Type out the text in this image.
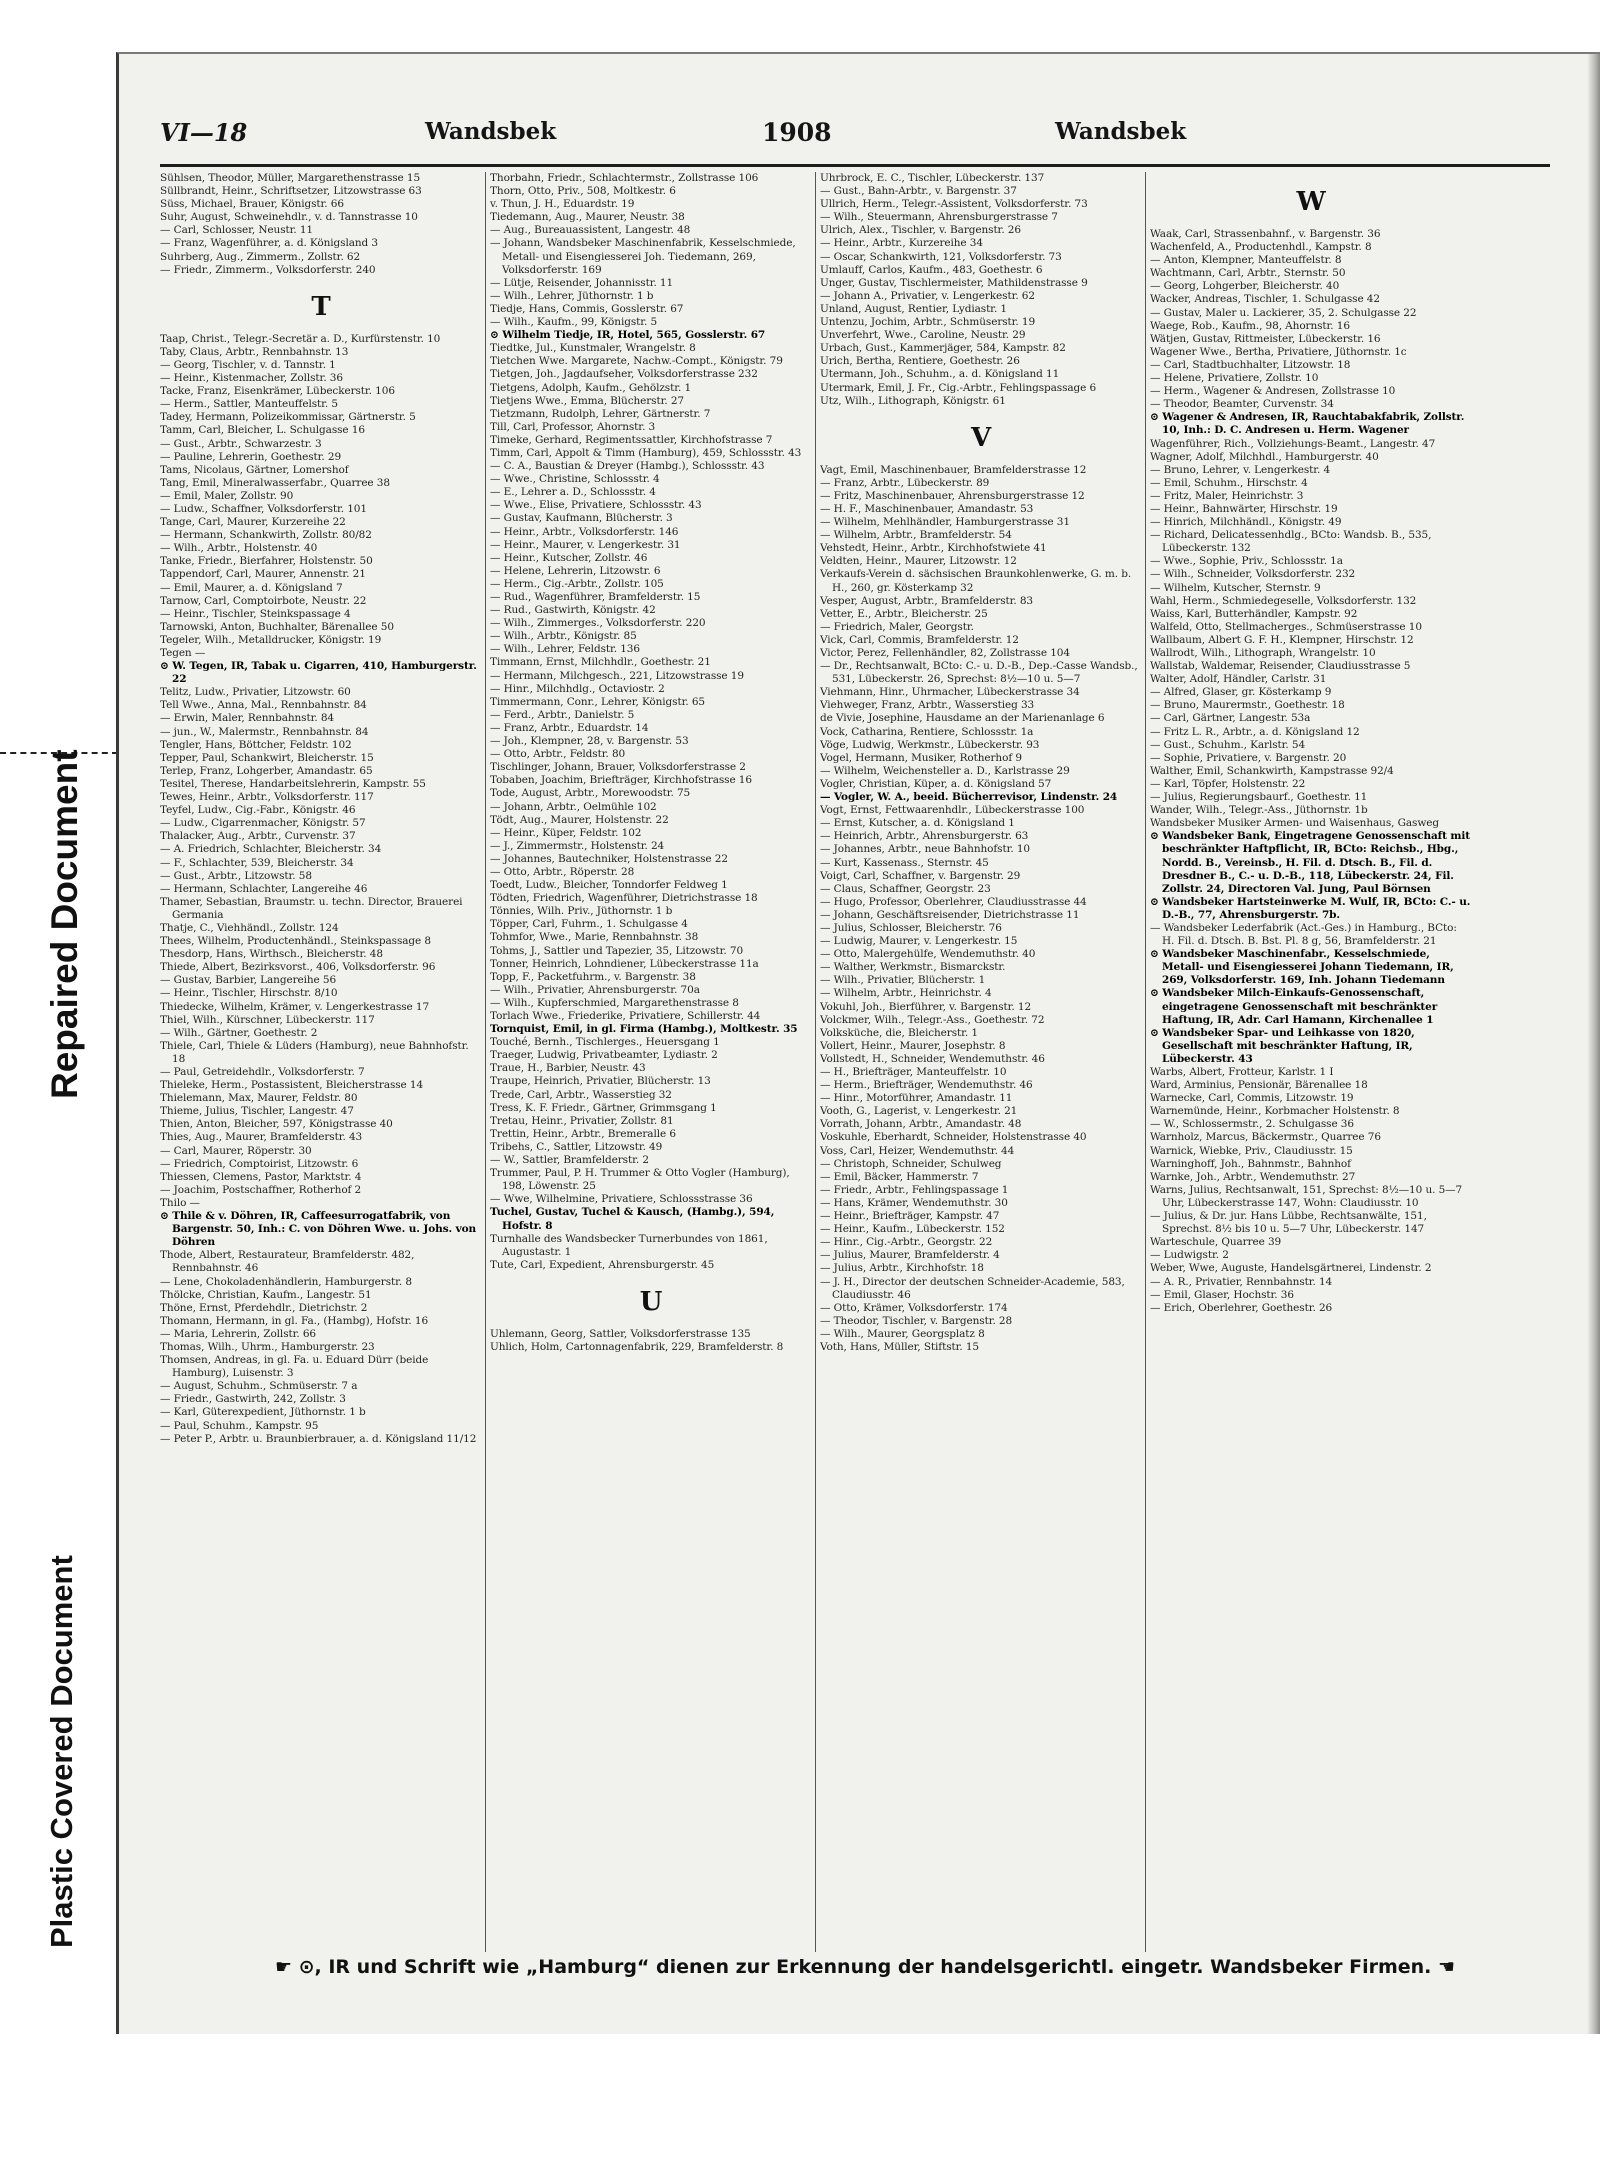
Repaired Document
Plastic Covered Document
VI—18	Wandsbek	1908	Wandsbek
Sühlsen, Theodor, Müller, Margarethenstrasse 15
Süllbrandt, Heinr., Schriftsetzer, Litzowstrasse 63
Süss, Michael, Brauer, Königstr. 66
Suhr, August, Schweinehdlr., v. d. Tannstrasse 10
— Carl, Schlosser, Neustr. 11
— Franz, Wagenführer, a. d. Königsland 3
Suhrberg, Aug., Zimmerm., Zollstr. 62
— Friedr., Zimmerm., Volksdorferstr. 240
T
Taap, Christ., Telegr.-Secretär a. D., Kurfürstenstr. 10
Taby, Claus, Arbtr., Rennbahnstr. 13
— Georg, Tischler, v. d. Tannstr. 1
— Heinr., Kistenmacher, Zollstr. 36
Tacke, Franz, Eisenkrämer, Lübeckerstr. 106
— Herm., Sattler, Manteuffelstr. 5
Tadey, Hermann, Polizeikommissar, Gärtnerstr. 5
Tamm, Carl, Bleicher, L. Schulgasse 16
— Gust., Arbtr., Schwarzestr. 3
— Pauline, Lehrerin, Goethestr. 29
Tams, Nicolaus, Gärtner, Lomershof
Tang, Emil, Mineralwasserfabr., Quarree 38
— Emil, Maler, Zollstr. 90
— Ludw., Schaffner, Volksdorferstr. 101
Tange, Carl, Maurer, Kurzereihe 22
— Hermann, Schankwirth, Zollstr. 80/82
— Wilh., Arbtr., Holstenstr. 40
Tanke, Friedr., Bierfahrer, Holstenstr. 50
Tappendorf, Carl, Maurer, Annenstr. 21
— Emil, Maurer, a. d. Königsland 7
Tarnow, Carl, Comptoirbote, Neustr. 22
— Heinr., Tischler, Steinkspassage 4
Tarnowski, Anton, Buchhalter, Bärenallee 50
Tegeler, Wilh., Metalldrucker, Königstr. 19
Tegen —
⊙ W. Tegen, IR, Tabak u. Cigarren, 410, Hamburgerstr. 22
Telitz, Ludw., Privatier, Litzowstr. 60
Tell Wwe., Anna, Mal., Rennbahnstr. 84
— Erwin, Maler, Rennbahnstr. 84
— jun., W., Malermstr., Rennbahnstr. 84
Tengler, Hans, Böttcher, Feldstr. 102
Tepper, Paul, Schankwirt, Bleicherstr. 15
Terlep, Franz, Lohgerber, Amandastr. 65
Tesitel, Therese, Handarbeitslehrerin, Kampstr. 55
Tewes, Heinr., Arbtr., Volksdorferstr. 117
Teyfel, Ludw., Cig.-Fabr., Königstr. 46
— Ludw., Cigarrenmacher, Königstr. 57
Thalacker, Aug., Arbtr., Curvenstr. 37
— A. Friedrich, Schlachter, Bleicherstr. 34
— F., Schlachter, 539, Bleicherstr. 34
— Gust., Arbtr., Litzowstr. 58
— Hermann, Schlachter, Langereihe 46
Thamer, Sebastian, Braumstr. u. techn. Director, Brauerei Germania
Thatje, C., Viehhändl., Zollstr. 124
Thees, Wilhelm, Productenhändl., Steinkspassage 8
Thesdorp, Hans, Wirthsch., Bleicherstr. 48
Thiede, Albert, Bezirksvorst., 406, Volksdorferstr. 96
— Gustav, Barbier, Langereihe 56
— Heinr., Tischler, Hirschstr. 8/10
Thiedecke, Wilhelm, Krämer, v. Lengerkestrasse 17
Thiel, Wilh., Kürschner, Lübeckerstr. 117
— Wilh., Gärtner, Goethestr. 2
Thiele, Carl, Thiele & Lüders (Hamburg), neue Bahnhofstr. 18
— Paul, Getreidehdlr., Volksdorferstr. 7
Thieleke, Herm., Postassistent, Bleicherstrasse 14
Thielemann, Max, Maurer, Feldstr. 80
Thieme, Julius, Tischler, Langestr. 47
Thien, Anton, Bleicher, 597, Königstrasse 40
Thies, Aug., Maurer, Bramfelderstr. 43
— Carl, Maurer, Röperstr. 30
— Friedrich, Comptoirist, Litzowstr. 6
Thiessen, Clemens, Pastor, Marktstr. 4
— Joachim, Postschaffner, Rotherhof 2
Thilo —
⊙ Thile & v. Döhren, IR, Caffeesurrogatfabrik, von Bargenstr. 50, Inh.: C. von Döhren Wwe. u. Johs. von Döhren
Thode, Albert, Restaurateur, Bramfelderstr. 482, Rennbahnstr. 46
— Lene, Chokoladenhändlerin, Hamburgerstr. 8
Thölcke, Christian, Kaufm., Langestr. 51
Thöne, Ernst, Pferdehdlr., Dietrichstr. 2
Thomann, Hermann, in gl. Fa., (Hambg), Hofstr. 16
— Maria, Lehrerin, Zollstr. 66
Thomas, Wilh., Uhrm., Hamburgerstr. 23
Thomsen, Andreas, in gl. Fa. u. Eduard Dürr (beide Hamburg), Luisenstr. 3
— August, Schuhm., Schmüserstr. 7 a
— Friedr., Gastwirth, 242, Zollstr. 3
— Karl, Güterexpedient, Jüthornstr. 1 b
— Paul, Schuhm., Kampstr. 95
— Peter P., Arbtr. u. Braunbierbrauer, a. d. Königsland 11/12
Thorbahn, Friedr., Schlachtermstr., Zollstrasse 106
Thorn, Otto, Priv., 508, Moltkestr. 6
v. Thun, J. H., Eduardstr. 19
Tiedemann, Aug., Maurer, Neustr. 38
— Aug., Bureauassistent, Langestr. 48
— Johann, Wandsbeker Maschinenfabrik, Kesselschmiede, Metall- und Eisengiesserei Joh. Tiedemann, 269, Volksdorferstr. 169
— Lütje, Reisender, Johannisstr. 11
— Wilh., Lehrer, Jüthornstr. 1 b
Tiedje, Hans, Commis, Gosslerstr. 67
— Wilh., Kaufm., 99, Königstr. 5
⊙ Wilhelm Tiedje, IR, Hotel, 565, Gosslerstr. 67
Tiedtke, Jul., Kunstmaler, Wrangelstr. 8
Tietchen Wwe. Margarete, Nachw.-Compt., Königstr. 79
Tietgen, Joh., Jagdaufseher, Volksdorferstrasse 232
Tietgens, Adolph, Kaufm., Gehölzstr. 1
Tietjens Wwe., Emma, Blücherstr. 27
Tietzmann, Rudolph, Lehrer, Gärtnerstr. 7
Till, Carl, Professor, Ahornstr. 3
Timeke, Gerhard, Regimentssattler, Kirchhofstrasse 7
Timm, Carl, Appolt & Timm (Hamburg), 459, Schlossstr. 43
— C. A., Baustian & Dreyer (Hambg.), Schlossstr. 43
— Wwe., Christine, Schlossstr. 4
— E., Lehrer a. D., Schlossstr. 4
— Wwe., Elise, Privatiere, Schlossstr. 43
— Gustav, Kaufmann, Blücherstr. 3
— Heinr., Arbtr., Volksdorferstr. 146
— Heinr., Maurer, v. Lengerkestr. 31
— Heinr., Kutscher, Zollstr. 46
— Helene, Lehrerin, Litzowstr. 6
— Herm., Cig.-Arbtr., Zollstr. 105
— Rud., Wagenführer, Bramfelderstr. 15
— Rud., Gastwirth, Königstr. 42
— Wilh., Zimmerges., Volksdorferstr. 220
— Wilh., Arbtr., Königstr. 85
— Wilh., Lehrer, Feldstr. 136
Timmann, Ernst, Milchhdlr., Goethestr. 21
— Hermann, Milchgesch., 221, Litzowstrasse 19
— Hinr., Milchhdlg., Octaviostr. 2
Timmermann, Conr., Lehrer, Königstr. 65
— Ferd., Arbtr., Danielstr. 5
— Franz, Arbtr., Eduardstr. 14
— Joh., Klempner, 28, v. Bargenstr. 53
— Otto, Arbtr., Feldstr. 80
Tischlinger, Johann, Brauer, Volksdorferstrasse 2
Tobaben, Joachim, Briefträger, Kirchhofstrasse 16
Tode, August, Arbtr., Morewoodstr. 75
— Johann, Arbtr., Oelmühle 102
Tödt, Aug., Maurer, Holstenstr. 22
— Heinr., Küper, Feldstr. 102
— J., Zimmermstr., Holstenstr. 24
— Johannes, Bautechniker, Holstenstrasse 22
— Otto, Arbtr., Röperstr. 28
Toedt, Ludw., Bleicher, Tonndorfer Feldweg 1
Tödten, Friedrich, Wagenführer, Dietrichstrasse 18
Tönnies, Wilh. Priv., Jüthornstr. 1 b
Töpper, Carl, Fuhrm., 1. Schulgasse 4
Tohmfor, Wwe., Marie, Rennbahnstr. 38
Tohms, J., Sattler und Tapezier, 35, Litzowstr. 70
Tonner, Heinrich, Lohndiener, Lübeckerstrasse 11a
Topp, F., Packetfuhrm., v. Bargenstr. 38
— Wilh., Privatier, Ahrensburgerstr. 70a
— Wilh., Kupferschmied, Margarethenstrasse 8
Torlach Wwe., Friederike, Privatiere, Schillerstr. 44
Tornquist, Emil, in gl. Firma (Hambg.), Moltkestr. 35
Touché, Bernh., Tischlerges., Heuersgang 1
Traeger, Ludwig, Privatbeamter, Lydiastr. 2
Traue, H., Barbier, Neustr. 43
Traupe, Heinrich, Privatier, Blücherstr. 13
Trede, Carl, Arbtr., Wasserstieg 32
Tress, K. F. Friedr., Gärtner, Grimmsgang 1
Tretau, Heinr., Privatier, Zollstr. 81
Trettin, Heinr., Arbtr., Bremeralle 6
Tribehs, C., Sattler, Litzowstr. 49
— W., Sattler, Bramfelderstr. 2
Trummer, Paul, P. H. Trummer & Otto Vogler (Hamburg), 198, Löwenstr. 25
— Wwe, Wilhelmine, Privatiere, Schlossstrasse 36
Tuchel, Gustav, Tuchel & Kausch, (Hambg.), 594, Hofstr. 8
Turnhalle des Wandsbecker Turnerbundes von 1861, Augustastr. 1
Tute, Carl, Expedient, Ahrensburgerstr. 45
U
Uhlemann, Georg, Sattler, Volksdorferstrasse 135
Uhlich, Holm, Cartonnagenfabrik, 229, Bramfelderstr. 8
Uhrbrock, E. C., Tischler, Lübeckerstr. 137
— Gust., Bahn-Arbtr., v. Bargenstr. 37
Ullrich, Herm., Telegr.-Assistent, Volksdorferstr. 73
— Wilh., Steuermann, Ahrensburgerstrasse 7
Ulrich, Alex., Tischler, v. Bargenstr. 26
— Heinr., Arbtr., Kurzereihe 34
— Oscar, Schankwirth, 121, Volksdorferstr. 73
Umlauff, Carlos, Kaufm., 483, Goethestr. 6
Unger, Gustav, Tischlermeister, Mathildenstrasse 9
— Johann A., Privatier, v. Lengerkestr. 62
Unland, August, Rentier, Lydiastr. 1
Untenzu, Jochim, Arbtr., Schmüserstr. 19
Unverfehrt, Wwe., Caroline, Neustr. 29
Urbach, Gust., Kammerjäger, 584, Kampstr. 82
Urich, Bertha, Rentiere, Goethestr. 26
Utermann, Joh., Schuhm., a. d. Königsland 11
Utermark, Emil, J. Fr., Cig.-Arbtr., Fehlingspassage 6
Utz, Wilh., Lithograph, Königstr. 61
V
Vagt, Emil, Maschinenbauer, Bramfelderstrasse 12
— Franz, Arbtr., Lübeckerstr. 89
— Fritz, Maschinenbauer, Ahrensburgerstrasse 12
— H. F., Maschinenbauer, Amandastr. 53
— Wilhelm, Mehlhändler, Hamburgerstrasse 31
— Wilhelm, Arbtr., Bramfelderstr. 54
Vehstedt, Heinr., Arbtr., Kirchhofstwiete 41
Veldten, Heinr., Maurer, Litzowstr. 12
Verkaufs-Verein d. sächsischen Braunkohlenwerke, G. m. b. H., 260, gr. Kösterkamp 32
Vesper, August, Arbtr., Bramfelderstr. 83
Vetter, E., Arbtr., Bleicherstr. 25
— Friedrich, Maler, Georgstr.
Vick, Carl, Commis, Bramfelderstr. 12
Victor, Perez, Fellenhändler, 82, Zollstrasse 104
— Dr., Rechtsanwalt, BCto: C.- u. D.-B., Dep.-Casse Wandsb., 531, Lübeckerstr. 26, Sprechst: 8½—10 u. 5—7
Viehmann, Hinr., Uhrmacher, Lübeckerstrasse 34
Viehweger, Franz, Arbtr., Wasserstieg 33
de Vivie, Josephine, Hausdame an der Marienanlage 6
Vock, Catharina, Rentiere, Schlossstr. 1a
Vöge, Ludwig, Werkmstr., Lübeckerstr. 93
Vogel, Hermann, Musiker, Rotherhof 9
— Wilhelm, Weichensteller a. D., Karlstrasse 29
Vogler, Christian, Küper, a. d. Königsland 57
— Vogler, W. A., beeid. Bücherrevisor, Lindenstr. 24
Vogt, Ernst, Fettwaarenhdlr., Lübeckerstrasse 100
— Ernst, Kutscher, a. d. Königsland 1
— Heinrich, Arbtr., Ahrensburgerstr. 63
— Johannes, Arbtr., neue Bahnhofstr. 10
— Kurt, Kassenass., Sternstr. 45
Voigt, Carl, Schaffner, v. Bargenstr. 29
— Claus, Schaffner, Georgstr. 23
— Hugo, Professor, Oberlehrer, Claudiusstrasse 44
— Johann, Geschäftsreisender, Dietrichstrasse 11
— Julius, Schlosser, Bleicherstr. 76
— Ludwig, Maurer, v. Lengerkestr. 15
— Otto, Malergehülfe, Wendemuthstr. 40
— Walther, Werkmstr., Bismarckstr.
— Wilh., Privatier, Blücherstr. 1
— Wilhelm, Arbtr., Heinrichstr. 4
Vokuhl, Joh., Bierführer, v. Bargenstr. 12
Volckmer, Wilh., Telegr.-Ass., Goethestr. 72
Volksküche, die, Bleicherstr. 1
Vollert, Heinr., Maurer, Josephstr. 8
Vollstedt, H., Schneider, Wendemuthstr. 46
— H., Briefträger, Manteuffelstr. 10
— Herm., Briefträger, Wendemuthstr. 46
— Hinr., Motorführer, Amandastr. 11
Vooth, G., Lagerist, v. Lengerkestr. 21
Vorrath, Johann, Arbtr., Amandastr. 48
Voskuhle, Eberhardt, Schneider, Holstenstrasse 40
Voss, Carl, Heizer, Wendemuthstr. 44
— Christoph, Schneider, Schulweg
— Emil, Bäcker, Hammerstr. 7
— Friedr., Arbtr., Fehlingspassage 1
— Hans, Krämer, Wendemuthstr. 30
— Heinr., Briefträger, Kampstr. 47
— Heinr., Kaufm., Lübeckerstr. 152
— Hinr., Cig.-Arbtr., Georgstr. 22
— Julius, Maurer, Bramfelderstr. 4
— Julius, Arbtr., Kirchhofstr. 18
— J. H., Director der deutschen Schneider-Academie, 583, Claudiusstr. 46
— Otto, Krämer, Volksdorferstr. 174
— Theodor, Tischler, v. Bargenstr. 28
— Wilh., Maurer, Georgsplatz 8
Voth, Hans, Müller, Stiftstr. 15
W
Waak, Carl, Strassenbahnf., v. Bargenstr. 36
Wachenfeld, A., Productenhdl., Kampstr. 8
— Anton, Klempner, Manteuffelstr. 8
Wachtmann, Carl, Arbtr., Sternstr. 50
— Georg, Lohgerber, Bleicherstr. 40
Wacker, Andreas, Tischler, 1. Schulgasse 42
— Gustav, Maler u. Lackierer, 35, 2. Schulgasse 22
Waege, Rob., Kaufm., 98, Ahornstr. 16
Wätjen, Gustav, Rittmeister, Lübeckerstr. 16
Wagener Wwe., Bertha, Privatiere, Jüthornstr. 1c
— Carl, Stadtbuchhalter, Litzowstr. 18
— Helene, Privatiere, Zollstr. 10
— Herm., Wagener & Andresen, Zollstrasse 10
— Theodor, Beamter, Curvenstr. 34
⊙ Wagener & Andresen, IR, Rauchtabakfabrik, Zollstr. 10, Inh.: D. C. Andresen u. Herm. Wagener
Wagenführer, Rich., Vollziehungs-Beamt., Langestr. 47
Wagner, Adolf, Milchhdl., Hamburgerstr. 40
— Bruno, Lehrer, v. Lengerkestr. 4
— Emil, Schuhm., Hirschstr. 4
— Fritz, Maler, Heinrichstr. 3
— Heinr., Bahnwärter, Hirschstr. 19
— Hinrich, Milchhändl., Königstr. 49
— Richard, Delicatessenhdlg., BCto: Wandsb. B., 535, Lübeckerstr. 132
— Wwe., Sophie, Priv., Schlossstr. 1a
— Wilh., Schneider, Volksdorferstr. 232
— Wilhelm, Kutscher, Sternstr. 9
Wahl, Herm., Schmiedegeselle, Volksdorferstr. 132
Waiss, Karl, Butterhändler, Kampstr. 92
Walfeld, Otto, Stellmacherges., Schmüserstrasse 10
Wallbaum, Albert G. F. H., Klempner, Hirschstr. 12
Wallrodt, Wilh., Lithograph, Wrangelstr. 10
Wallstab, Waldemar, Reisender, Claudiusstrasse 5
Walter, Adolf, Händler, Carlstr. 31
— Alfred, Glaser, gr. Kösterkamp 9
— Bruno, Maurermstr., Goethestr. 18
— Carl, Gärtner, Langestr. 53a
— Fritz L. R., Arbtr., a. d. Königsland 12
— Gust., Schuhm., Karlstr. 54
— Sophie, Privatiere, v. Bargenstr. 20
Walther, Emil, Schankwirth, Kampstrasse 92/4
— Karl, Töpfer, Holstenstr. 22
— Julius, Regierungsbaurf., Goethestr. 11
Wander, Wilh., Telegr.-Ass., Jüthornstr. 1b
Wandsbeker Musiker Armen- und Waisenhaus, Gasweg
⊙ Wandsbeker Bank, Eingetragene Genossenschaft mit beschränkter Haftpflicht, IR, BCto: Reichsb., Hbg., Nordd. B., Vereinsb., H. Fil. d. Dtsch. B., Fil. d. Dresdner B., C.- u. D.-B., 118, Lübeckerstr. 24, Fil. Zollstr. 24, Directoren Val. Jung, Paul Börnsen
⊙ Wandsbeker Hartsteinwerke M. Wulf, IR, BCto: C.- u. D.-B., 77, Ahrensburgerstr. 7b.
— Wandsbeker Lederfabrik (Act.-Ges.) in Hamburg., BCto: H. Fil. d. Dtsch. B. Bst. Pl. 8 g, 56, Bramfelderstr. 21
⊙ Wandsbeker Maschinenfabr., Kesselschmiede, Metall- und Eisengiesserei Johann Tiedemann, IR, 269, Volksdorferstr. 169, Inh. Johann Tiedemann
⊙ Wandsbeker Milch-Einkaufs-Genossenschaft, eingetragene Genossenschaft mit beschränkter Haftung, IR, Adr. Carl Hamann, Kirchenallee 1
⊙ Wandsbeker Spar- und Leihkasse von 1820, Gesellschaft mit beschränkter Haftung, IR, Lübeckerstr. 43
Warbs, Albert, Frotteur, Karlstr. 1 I
Ward, Arminius, Pensionär, Bärenallee 18
Warnecke, Carl, Commis, Litzowstr. 19
Warnemünde, Heinr., Korbmacher Holstenstr. 8
— W., Schlossermstr., 2. Schulgasse 36
Warnholz, Marcus, Bäckermstr., Quarree 76
Warnick, Wiebke, Priv., Claudiusstr. 15
Warninghoff, Joh., Bahnmstr., Bahnhof
Warnke, Joh., Arbtr., Wendemuthstr. 27
Warns, Julius, Rechtsanwalt, 151, Sprechst: 8½—10 u. 5—7 Uhr, Lübeckerstrasse 147, Wohn: Claudiusstr. 10
— Julius, & Dr. jur. Hans Lübbe, Rechtsanwälte, 151, Sprechst. 8½ bis 10 u. 5—7 Uhr, Lübeckerstr. 147
Warteschule, Quarree 39
— Ludwigstr. 2
Weber, Wwe, Auguste, Handelsgärtnerei, Lindenstr. 2
— A. R., Privatier, Rennbahnstr. 14
— Emil, Glaser, Hochstr. 36
— Erich, Oberlehrer, Goethestr. 26
☛ ⊙, IR und Schrift wie „Hamburg“ dienen zur Erkennung der handelsgerichtl. eingetr. Wandsbeker Firmen. ☚
